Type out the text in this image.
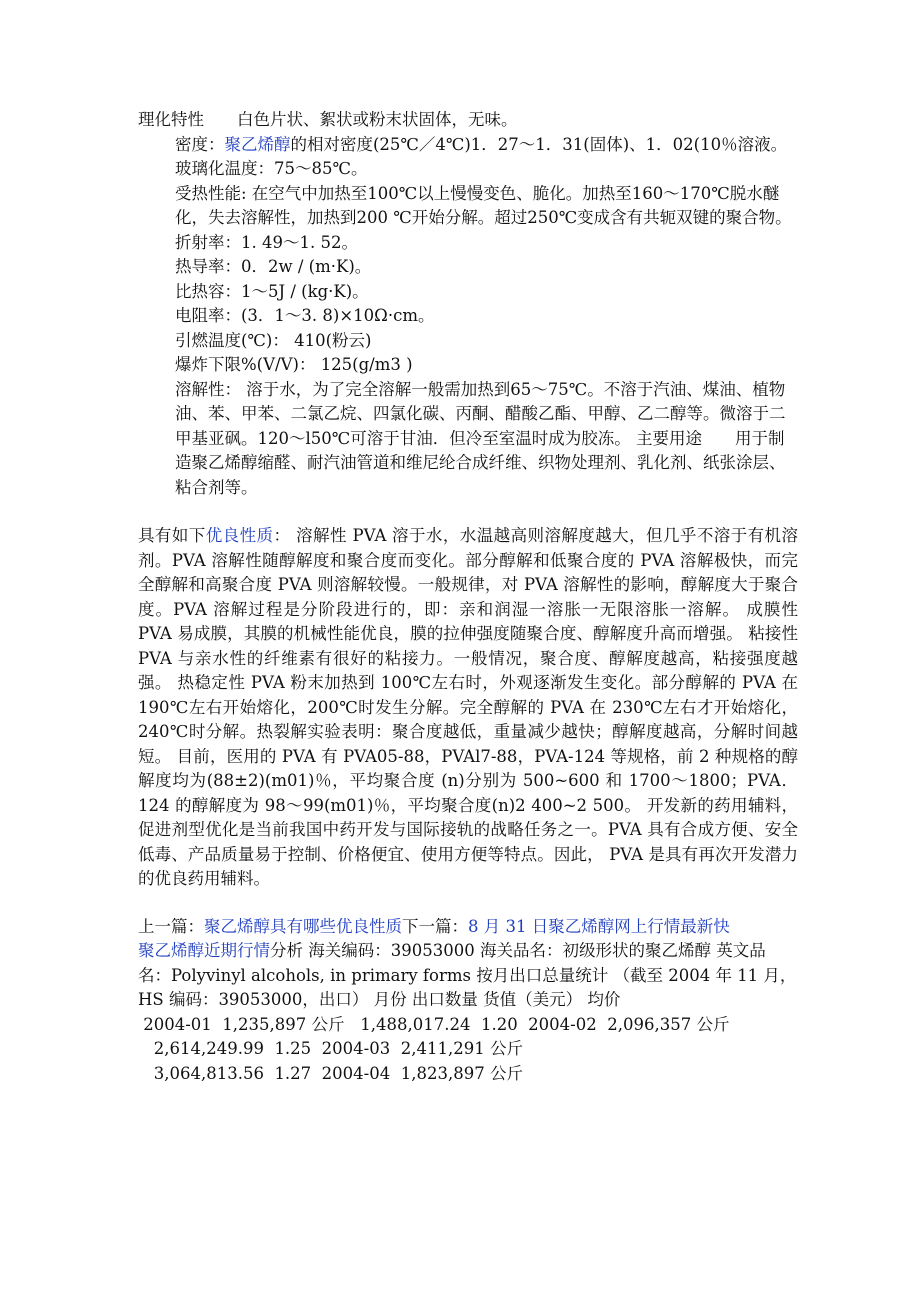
理化特性　　白色片状、絮状或粉末状固体，无味。

密度：聚乙烯醇的相对密度(25℃／4℃)1．27～1．31(固体)、1．02(10％溶液。

玻璃化温度：75～85℃。

受热性能: 在空气中加热至100℃以上慢慢变色、脆化。加热至160～170℃脱水醚化，失去溶解性，加热到200 ℃开始分解。超过250℃变成含有共轭双键的聚合物。

折射率：1. 49～1. 52。

热导率：0．2w / (m·K)。

比热容：1～5J / (kg·K)。

电阻率：(3．1～3. 8)×10Ω·cm。

引燃温度(℃)： 410(粉云)

爆炸下限%(V/V)： 125(g/m3 )

溶解性： 溶于水，为了完全溶解一般需加热到65～75℃。不溶于汽油、煤油、植物油、苯、甲苯、二氯乙烷、四氯化碳、丙酮、醋酸乙酯、甲醇、乙二醇等。微溶于二甲基亚砜。120～l50℃可溶于甘油．但冷至室温时成为胶冻。 主要用途　　用于制造聚乙烯醇缩醛、耐汽油管道和维尼纶合成纤维、织物处理剂、乳化剂、纸张涂层、粘合剂等。

具有如下优良性质： 溶解性 PVA 溶于水，水温越高则溶解度越大，但几乎不溶于有机溶剂。PVA 溶解性随醇解度和聚合度而变化。部分醇解和低聚合度的 PVA 溶解极快，而完全醇解和高聚合度 PVA 则溶解较慢。一般规律，对 PVA 溶解性的影响，醇解度大于聚合度。PVA 溶解过程是分阶段进行的，即：亲和润湿一溶胀一无限溶胀一溶解。 成膜性 PVA 易成膜，其膜的机械性能优良，膜的拉伸强度随聚合度、醇解度升高而增强。 粘接性 PVA 与亲水性的纤维素有很好的粘接力。一般情况，聚合度、醇解度越高，粘接强度越强。 热稳定性 PVA 粉末加热到 100℃左右时，外观逐渐发生变化。部分醇解的 PVA 在 190℃左右开始熔化，200℃时发生分解。完全醇解的 PVA 在 230℃左右才开始熔化，240℃时分解。热裂解实验表明：聚合度越低，重量减少越快；醇解度越高，分解时间越短。 目前，医用的 PVA 有 PVA05-88，PVAl7-88，PVA-124 等规格，前 2 种规格的醇解度均为(88±2)(m01)％，平均聚合度 (n)分别为 500~600 和 1700～1800；PVA．124 的醇解度为 98～99(m01)％，平均聚合度(n)2 400~2 500。 开发新的药用辅料，促进剂型优化是当前我国中药开发与国际接轨的战略任务之一。PVA 具有合成方便、安全低毒、产品质量易于控制、价格便宜、使用方便等特点。因此， PVA 是具有再次开发潜力的优良药用辅料。

上一篇：聚乙烯醇具有哪些优良性质下一篇：8 月 31 日聚乙烯醇网上行情最新快

聚乙烯醇近期行情分析 海关编码：39053000 海关品名：初级形状的聚乙烯醇 英文品名：Polyvinyl alcohols, in primary forms 按月出口总量统计 （截至 2004 年 11 月，HS 编码：39053000，出口） 月份 出口数量 货值（美元） 均价

2004-01  1,235,897 公斤   1,488,017.24  1.20  2004-02  2,096,357 公斤

2,614,249.99  1.25  2004-03  2,411,291 公斤

3,064,813.56  1.27  2004-04  1,823,897 公斤
